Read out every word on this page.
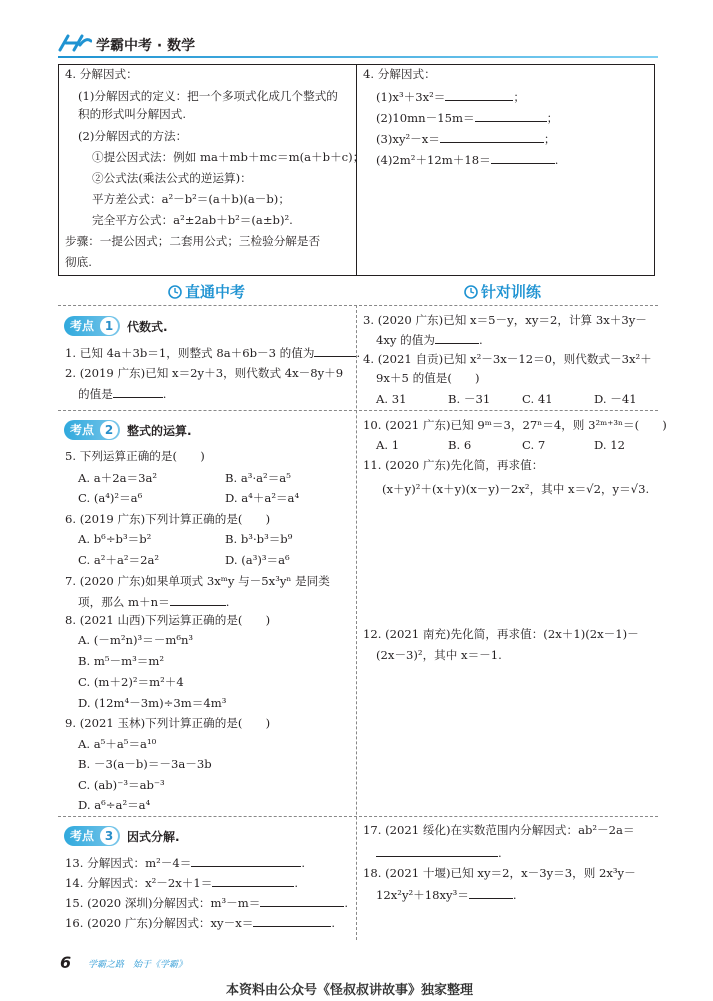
学霸中考 · 数学
4. 分解因式：
(1)分解因式的定义：把一个多项式化成几个整式的
积的形式叫分解因式.
(2)分解因式的方法：
①提公因式法：例如 ma＋mb＋mc＝m(a＋b＋c)；
②公式法(乘法公式的逆运算)：
平方差公式：a²－b²＝(a＋b)(a－b)；
完全平方公式：a²±2ab＋b²＝(a±b)².
步骤：一提公因式；二套用公式；三检验分解是否
彻底.
4. 分解因式：
(1)x³＋3x²＝	；
(2)10mn－15m＝	；
(3)xy²－x＝	；
(4)2m²＋12m＋18＝	.
直通中考	针对训练
考点 1	代数式.
1. 已知 4a＋3b＝1，则整式 8a＋6b－3 的值为	.
2. (2019 广东)已知 x＝2y＋3，则代数式 4x－8y＋9
的值是	.
3. (2020 广东)已知 x＝5－y，xy＝2，计算 3x＋3y－
4xy 的值为	.
4. (2021 自贡)已知 x²－3x－12＝0，则代数式－3x²＋
9x＋5 的值是(　　)
A. 31	B. －31	C. 41	D. －41
考点 2	整式的运算.
5. 下列运算正确的是(　　)
A. a＋2a＝3a²	B. a³·a²＝a⁵
C. (a⁴)²＝a⁶	D. a⁴＋a²＝a⁴
6. (2019 广东)下列计算正确的是(　　)
A. b⁶÷b³＝b²	B. b³·b³＝b⁹
C. a²＋a²＝2a²	D. (a³)³＝a⁶
7. (2020 广东)如果单项式 3xᵐy 与－5x³yⁿ 是同类
项，那么 m＋n＝	.
8. (2021 山西)下列运算正确的是(　　)
A. (－m²n)³＝－m⁶n³
B. m⁵－m³＝m²
C. (m＋2)²＝m²＋4
D. (12m⁴－3m)÷3m＝4m³
9. (2021 玉林)下列计算正确的是(　　)
A. a⁵＋a⁵＝a¹⁰
B. －3(a－b)＝－3a－3b
C. (ab)⁻³＝ab⁻³
D. a⁶÷a²＝a⁴
10. (2021 广东)已知 9ᵐ＝3，27ⁿ＝4，则 3²ᵐ⁺³ⁿ＝(　　)
A. 1	B. 6	C. 7	D. 12
11. (2020 广东)先化简，再求值：
(x＋y)²＋(x＋y)(x－y)－2x²，其中 x＝√2，y＝√3.
12. (2021 南充)先化简，再求值：(2x＋1)(2x－1)－
(2x－3)²，其中 x＝－1.
考点 3	因式分解.
13. 分解因式：m²－4＝	.
14. 分解因式：x²－2x＋1＝	.
15. (2020 深圳)分解因式：m³－m＝	.
16. (2020 广东)分解因式：xy－x＝	.
17. (2021 绥化)在实数范围内分解因式：ab²－2a＝
.
18. (2021 十堰)已知 xy＝2，x－3y＝3，则 2x³y－
12x²y²＋18xy³＝	.
6 学霸之路　始于《学霸》
本资料由公众号《怪叔叔讲故事》独家整理
